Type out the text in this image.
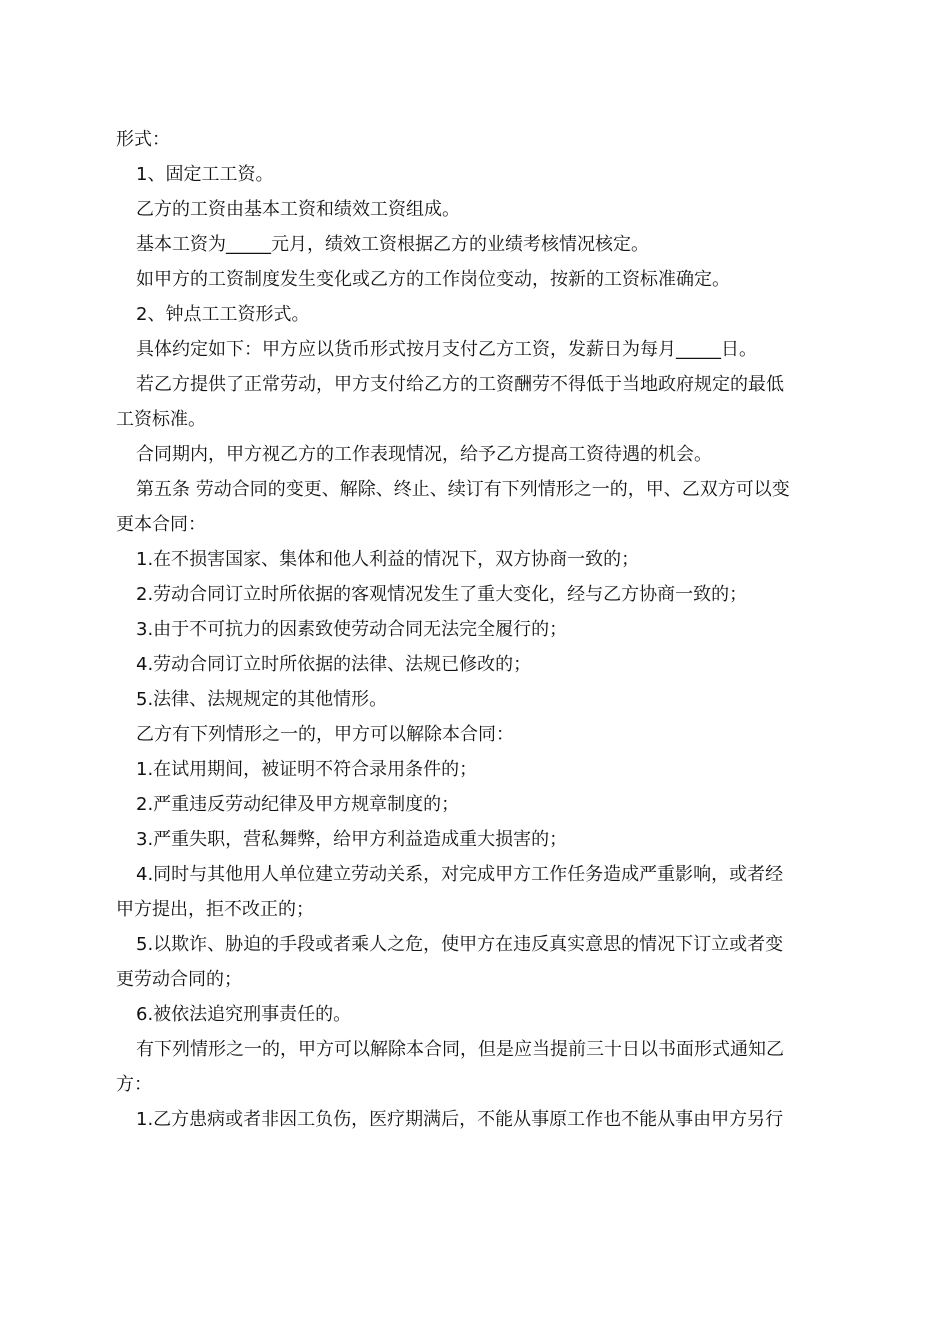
形式：

1、固定工工资。

乙方的工资由基本工资和绩效工资组成。

基本工资为_____元月，绩效工资根据乙方的业绩考核情况核定。

如甲方的工资制度发生变化或乙方的工作岗位变动，按新的工资标准确定。

2、钟点工工资形式。

具体约定如下：甲方应以货币形式按月支付乙方工资，发薪日为每月_____日。

若乙方提供了正常劳动，甲方支付给乙方的工资酬劳不得低于当地政府规定的最低

工资标准。

合同期内，甲方视乙方的工作表现情况，给予乙方提高工资待遇的机会。

第五条 劳动合同的变更、解除、终止、续订有下列情形之一的，甲、乙双方可以变

更本合同：

1.在不损害国家、集体和他人利益的情况下，双方协商一致的；

2.劳动合同订立时所依据的客观情况发生了重大变化，经与乙方协商一致的；

3.由于不可抗力的因素致使劳动合同无法完全履行的；

4.劳动合同订立时所依据的法律、法规已修改的；

5.法律、法规规定的其他情形。

乙方有下列情形之一的，甲方可以解除本合同：

1.在试用期间，被证明不符合录用条件的；

2.严重违反劳动纪律及甲方规章制度的；

3.严重失职，营私舞弊，给甲方利益造成重大损害的；

4.同时与其他用人单位建立劳动关系，对完成甲方工作任务造成严重影响，或者经

甲方提出，拒不改正的；

5.以欺诈、胁迫的手段或者乘人之危，使甲方在违反真实意思的情况下订立或者变

更劳动合同的；

6.被依法追究刑事责任的。

有下列情形之一的，甲方可以解除本合同，但是应当提前三十日以书面形式通知乙

方：

1.乙方患病或者非因工负伤，医疗期满后，不能从事原工作也不能从事由甲方另行
